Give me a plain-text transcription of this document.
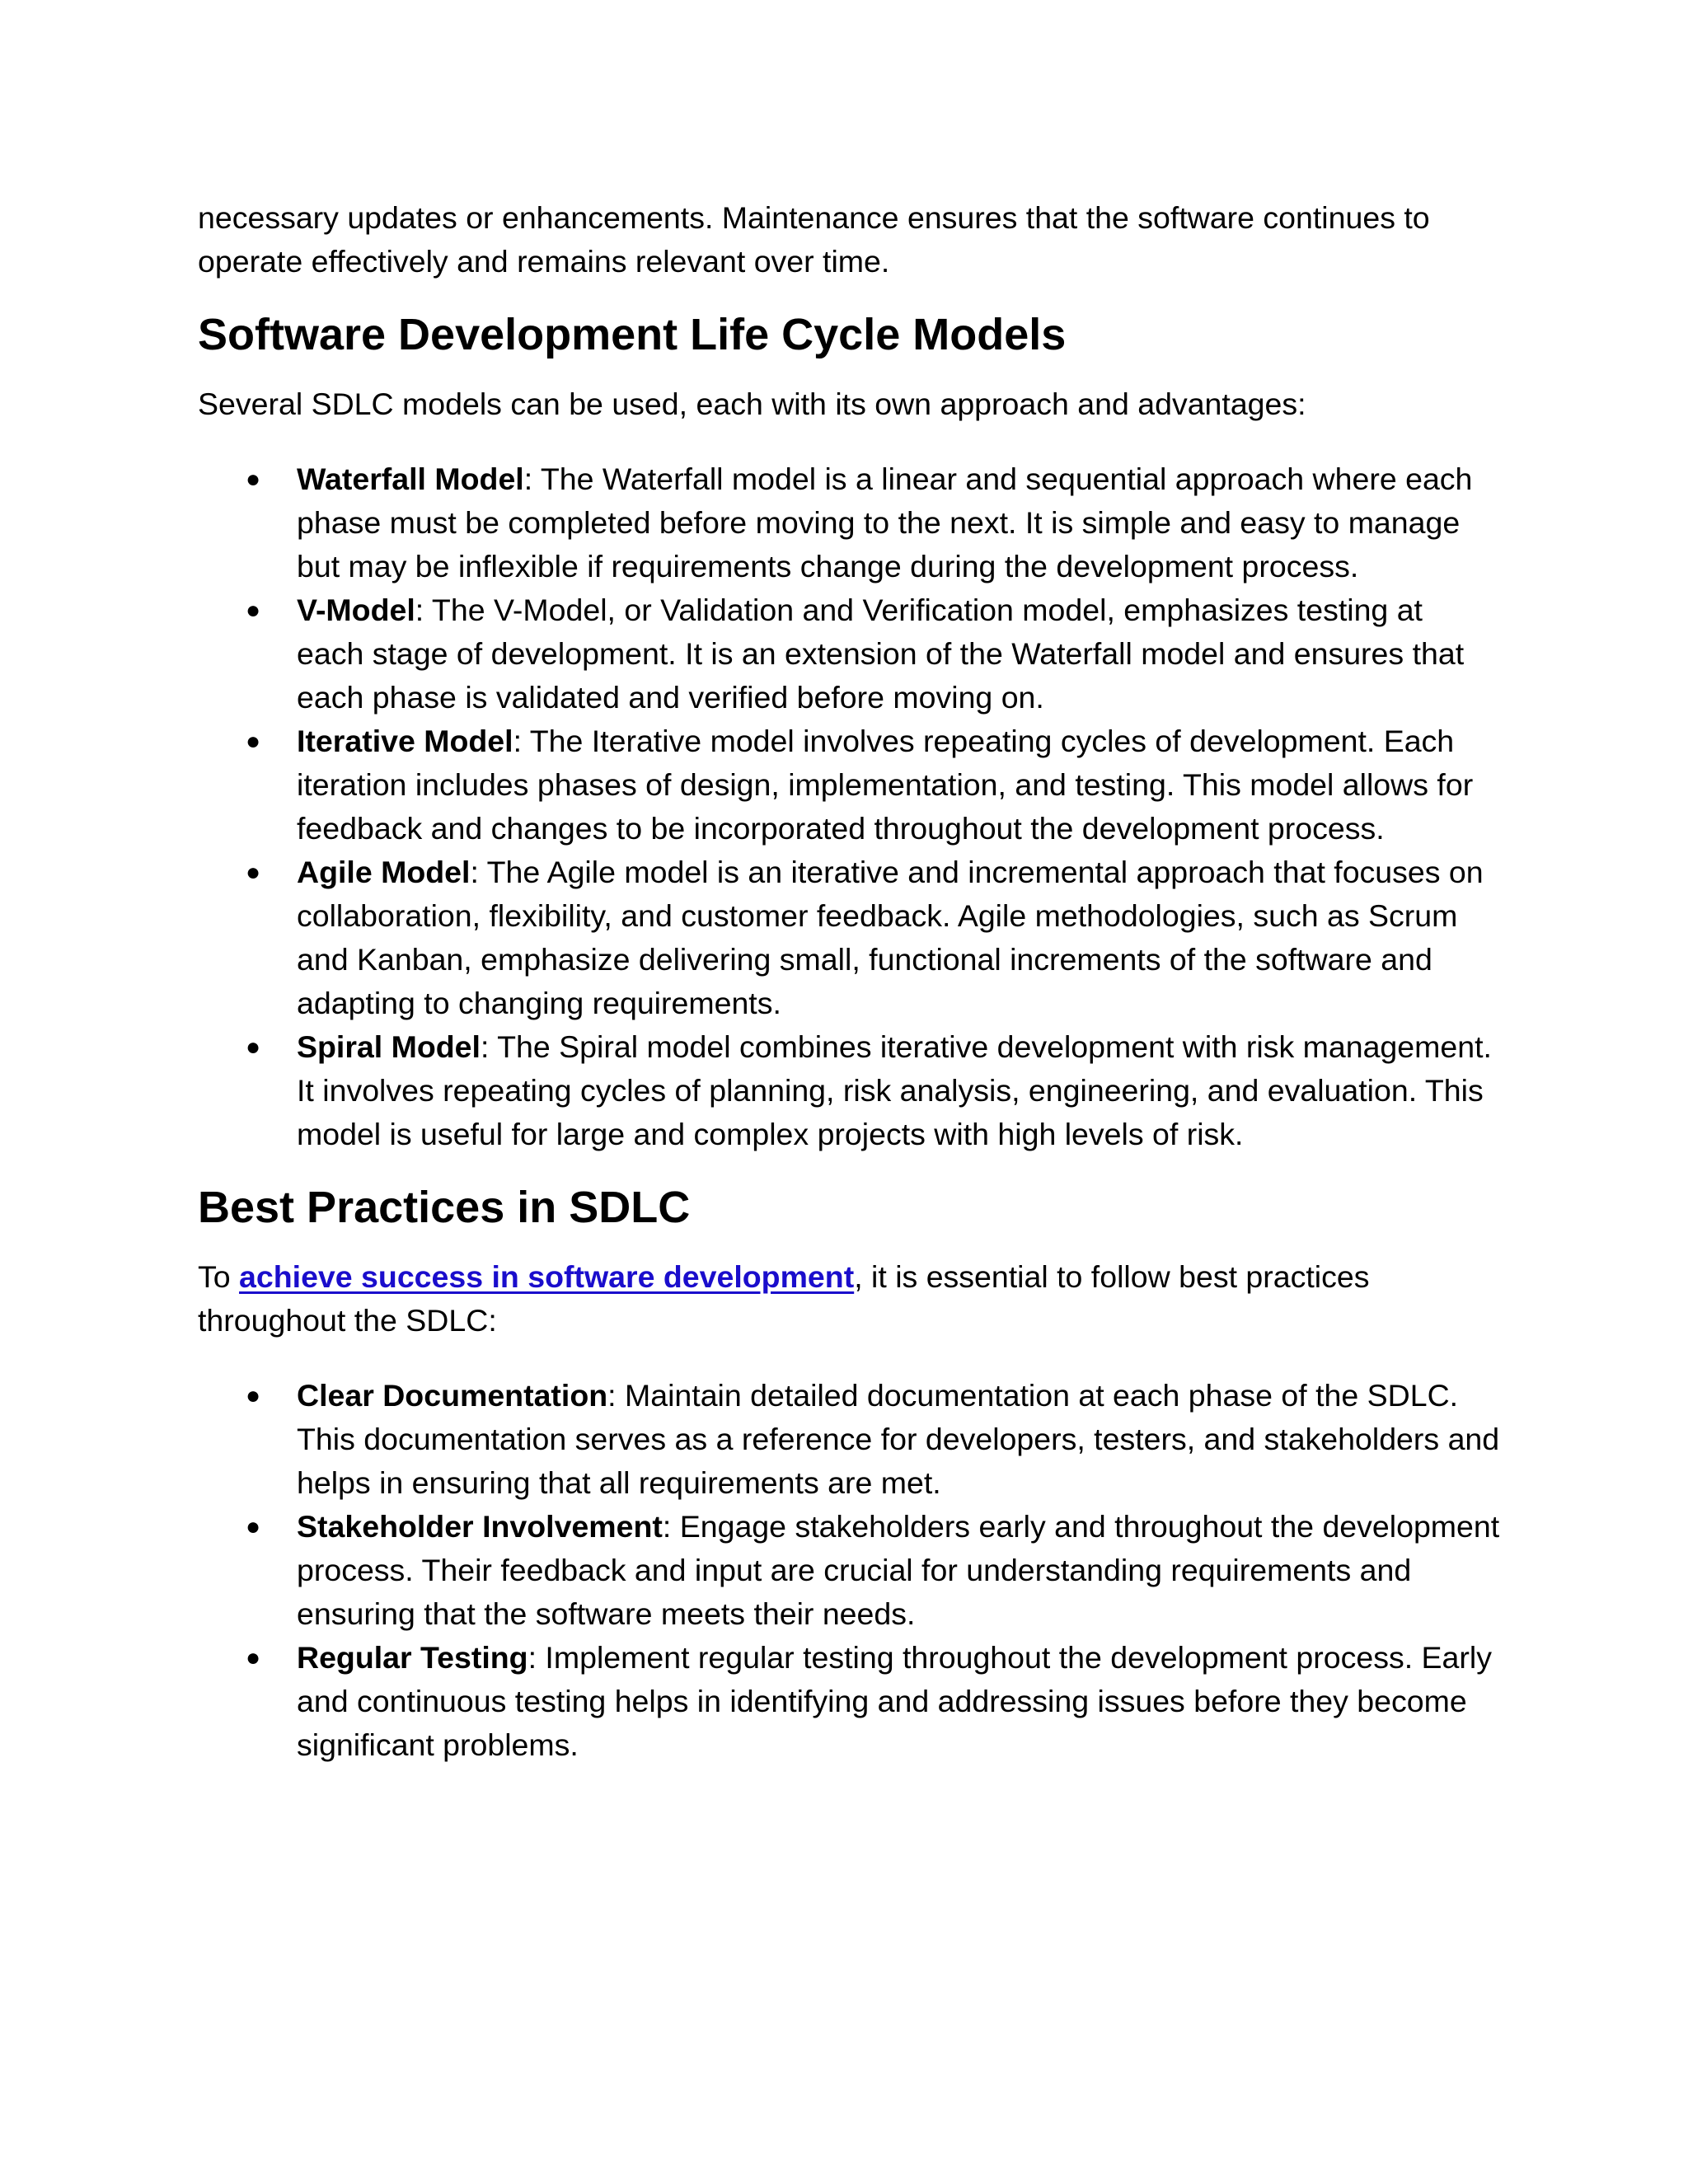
necessary updates or enhancements. Maintenance ensures that the software continues to operate effectively and remains relevant over time.

Software Development Life Cycle Models

Several SDLC models can be used, each with its own approach and advantages:

● Waterfall Model: The Waterfall model is a linear and sequential approach where each phase must be completed before moving to the next. It is simple and easy to manage but may be inflexible if requirements change during the development process.
● V-Model: The V-Model, or Validation and Verification model, emphasizes testing at each stage of development. It is an extension of the Waterfall model and ensures that each phase is validated and verified before moving on.
● Iterative Model: The Iterative model involves repeating cycles of development. Each iteration includes phases of design, implementation, and testing. This model allows for feedback and changes to be incorporated throughout the development process.
● Agile Model: The Agile model is an iterative and incremental approach that focuses on collaboration, flexibility, and customer feedback. Agile methodologies, such as Scrum and Kanban, emphasize delivering small, functional increments of the software and adapting to changing requirements.
● Spiral Model: The Spiral model combines iterative development with risk management. It involves repeating cycles of planning, risk analysis, engineering, and evaluation. This model is useful for large and complex projects with high levels of risk.
Best Practices in SDLC

To achieve success in software development, it is essential to follow best practices throughout the SDLC:

● Clear Documentation: Maintain detailed documentation at each phase of the SDLC. This documentation serves as a reference for developers, testers, and stakeholders and helps in ensuring that all requirements are met.
● Stakeholder Involvement: Engage stakeholders early and throughout the development process. Their feedback and input are crucial for understanding requirements and ensuring that the software meets their needs.
● Regular Testing: Implement regular testing throughout the development process. Early and continuous testing helps in identifying and addressing issues before they become significant problems.
